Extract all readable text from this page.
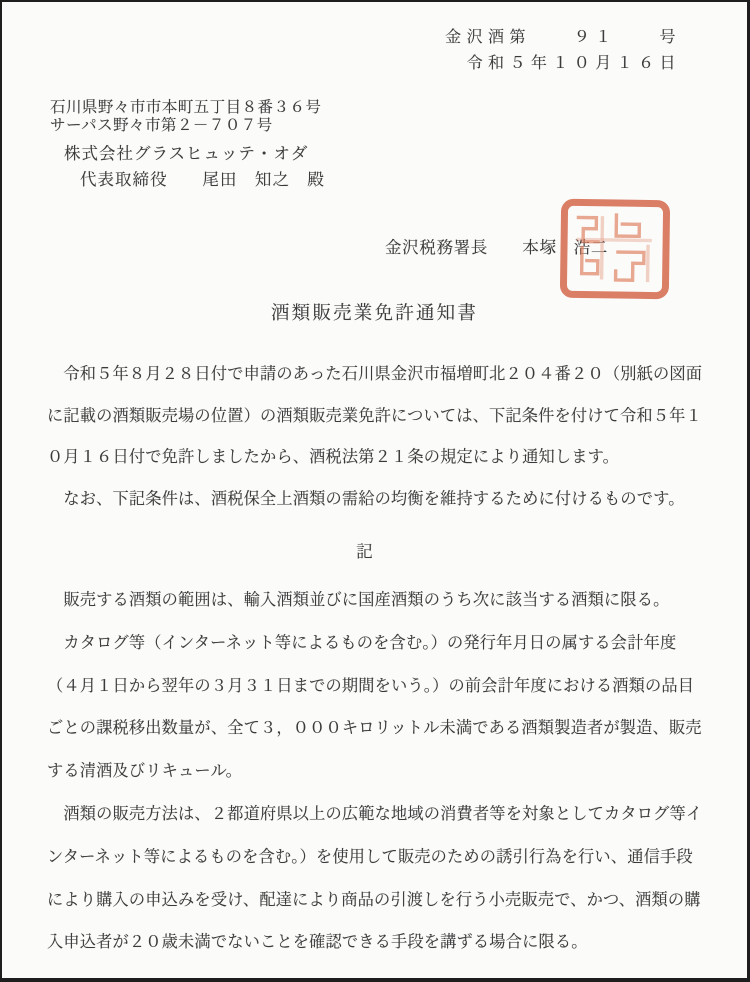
金沢酒第　　９１　　号
令和５年１０月１６日
石川県野々市市本町五丁目８番３６号
サーパス野々市第２－７０７号
株式会社グラスヒュッテ・オダ
代表取締役　　尾田　知之　殿
金沢税務署長　　本塚　浩二
酒類販売業免許通知書
　令和５年８月２８日付で申請のあった石川県金沢市福増町北２０４番２０（別紙の図面
に記載の酒類販売場の位置）の酒類販売業免許については、下記条件を付けて令和５年１
０月１６日付で免許しましたから、酒税法第２１条の規定により通知します。
　なお、下記条件は、酒税保全上酒類の需給の均衡を維持するために付けるものです。
記
　販売する酒類の範囲は、輸入酒類並びに国産酒類のうち次に該当する酒類に限る。
　カタログ等（インターネット等によるものを含む。）の発行年月日の属する会計年度
（４月１日から翌年の３月３１日までの期間をいう。）の前会計年度における酒類の品目
ごとの課税移出数量が、全て３，０００キロリットル未満である酒類製造者が製造、販売
する清酒及びリキュール。
　酒類の販売方法は、２都道府県以上の広範な地域の消費者等を対象としてカタログ等イ
ンターネット等によるものを含む。）を使用して販売のための誘引行為を行い、通信手段
により購入の申込みを受け、配達により商品の引渡しを行う小売販売で、かつ、酒類の購
入申込者が２０歳未満でないことを確認できる手段を講ずる場合に限る。
